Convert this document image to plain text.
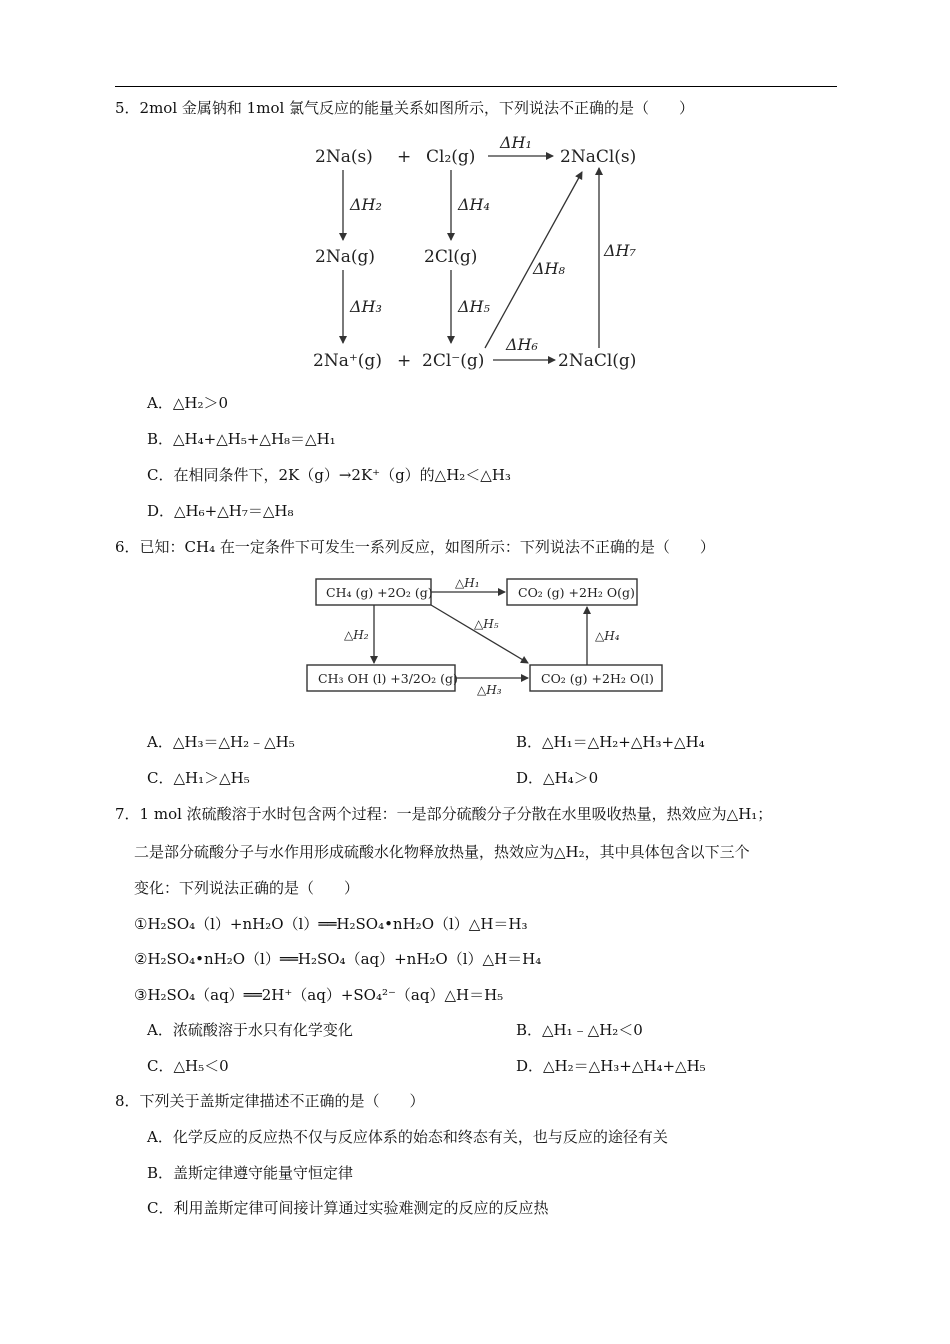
5．2mol 金属钠和 1mol 氯气反应的能量关系如图所示，下列说法不正确的是（　　）
2Na(s) + Cl₂(g)	2NaCl(s)
ΔH₁
ΔH₂	ΔH₄
2Na(g)	2Cl(g)
ΔH₃	ΔH₅
ΔH₈
ΔH₇
2Na⁺(g) + 2Cl⁻(g)	2NaCl(g)
ΔH₆
A．△H₂＞0
B．△H₄+△H₅+△H₈＝△H₁
C．在相同条件下，2K（g）→2K⁺（g）的△H₂＜△H₃
D．△H₆+△H₇＝△H₈
6．已知：CH₄ 在一定条件下可发生一系列反应，如图所示：下列说法不正确的是（　　）
CH₄ (g) +2O₂ (g)	CO₂ (g) +2H₂ O(g)
CH₃ OH (l) +3/2O₂ (g)	CO₂ (g) +2H₂ O(l)
△H₁
△H₂
△H₅
△H₃
△H₄
A．△H₃＝△H₂﹣△H₅	B．△H₁＝△H₂+△H₃+△H₄
C．△H₁＞△H₅	D．△H₄＞0
7．1 mol 浓硫酸溶于水时包含两个过程：一是部分硫酸分子分散在水里吸收热量，热效应为△H₁；
二是部分硫酸分子与水作用形成硫酸水化物释放热量，热效应为△H₂，其中具体包含以下三个
变化：下列说法正确的是（　　）
①H₂SO₄（l）+nH₂O（l）══H₂SO₄•nH₂O（l）△H＝H₃
②H₂SO₄•nH₂O（l）══H₂SO₄（aq）+nH₂O（l）△H＝H₄
③H₂SO₄（aq）══2H⁺（aq）+SO₄²⁻（aq）△H＝H₅
A．浓硫酸溶于水只有化学变化	B．△H₁﹣△H₂＜0
C．△H₅＜0	D．△H₂＝△H₃+△H₄+△H₅
8．下列关于盖斯定律描述不正确的是（　　）
A．化学反应的反应热不仅与反应体系的始态和终态有关，也与反应的途径有关
B．盖斯定律遵守能量守恒定律
C．利用盖斯定律可间接计算通过实验难测定的反应的反应热
